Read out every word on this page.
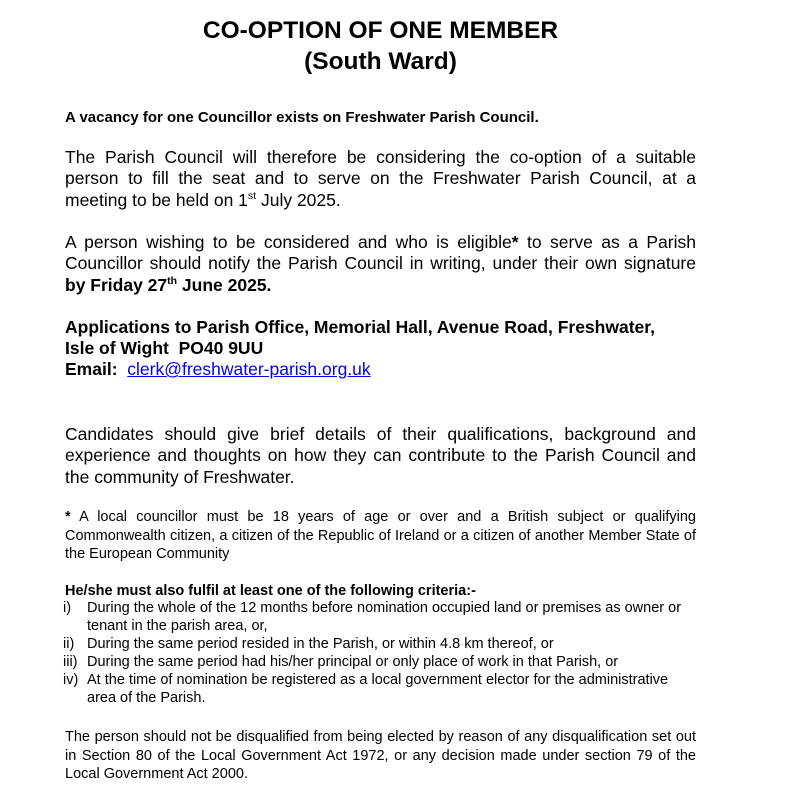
CO-OPTION OF ONE MEMBER
(South Ward)

A vacancy for one Councillor exists on Freshwater Parish Council.

The Parish Council will therefore be considering the co-option of a suitable person to fill the seat and to serve on the Freshwater Parish Council, at a meeting to be held on 1st July 2025.

A person wishing to be considered and who is eligible* to serve as a Parish Councillor should notify the Parish Council in writing, under their own signature by Friday 27th June 2025.

Applications to Parish Office, Memorial Hall, Avenue Road, Freshwater,
Isle of Wight  PO40 9UU
Email: clerk@freshwater-parish.org.uk

Candidates should give brief details of their qualifications, background and experience and thoughts on how they can contribute to the Parish Council and the community of Freshwater.

* A local councillor must be 18 years of age or over and a British subject or qualifying Commonwealth citizen, a citizen of the Republic of Ireland or a citizen of another Member State of the European Community

He/she must also fulfil at least one of the following criteria:-

i) During the whole of the 12 months before nomination occupied land or premises as owner or tenant in the parish area, or,
ii) During the same period resided in the Parish, or within 4.8 km thereof, or
iii) During the same period had his/her principal or only place of work in that Parish, or
iv) At the time of nomination be registered as a local government elector for the administrative area of the Parish.

The person should not be disqualified from being elected by reason of any disqualification set out in Section 80 of the Local Government Act 1972, or any decision made under section 79 of the Local Government Act 2000.
